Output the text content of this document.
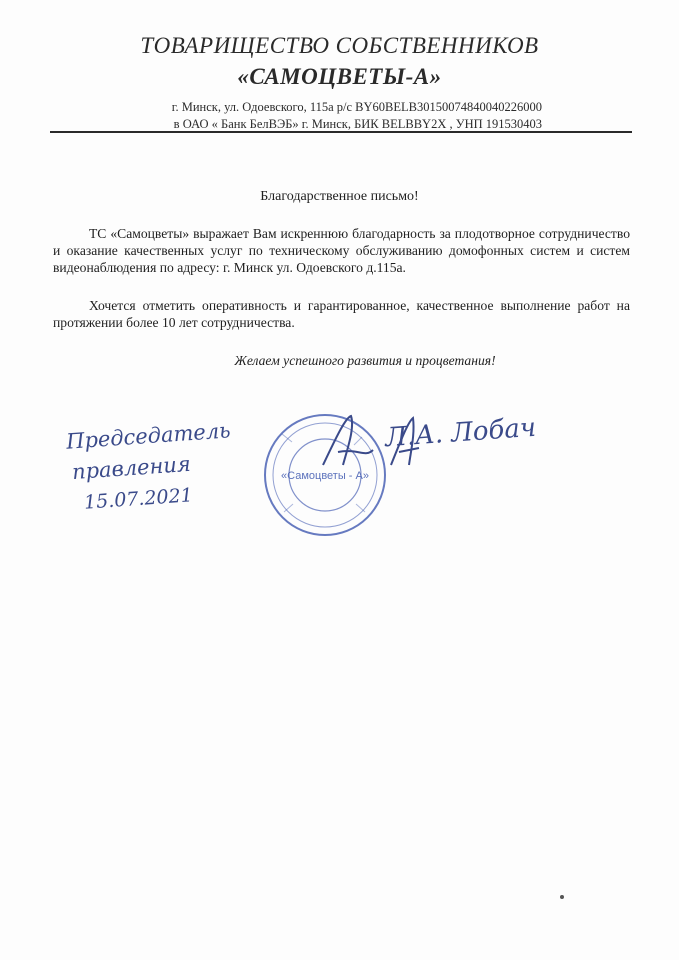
ТОВАРИЩЕСТВО СОБСТВЕННИКОВ
«САМОЦВЕТЫ-А»
г. Минск, ул. Одоевского, 115а р/с BY60BELB30150074840040226000
в ОАО « Банк БелВЭБ» г. Минск, БИК BELBBY2X , УНП 191530403
Благодарственное письмо!

ТС «Самоцветы» выражает Вам искреннюю благодарность за плодотворное сотрудничество и оказание качественных услуг по техническому обслуживанию домофонных систем и систем видеонаблюдения по адресу: г. Минск ул. Одоевского д.115а.

Хочется отметить оперативность и гарантированное, качественное выполнение работ на протяжении более 10 лет сотрудничества.

Желаем успешного развития и процветания!
Председатель
правления
15.07.2021
«Самоцветы - А»
Л.А. Лобач
